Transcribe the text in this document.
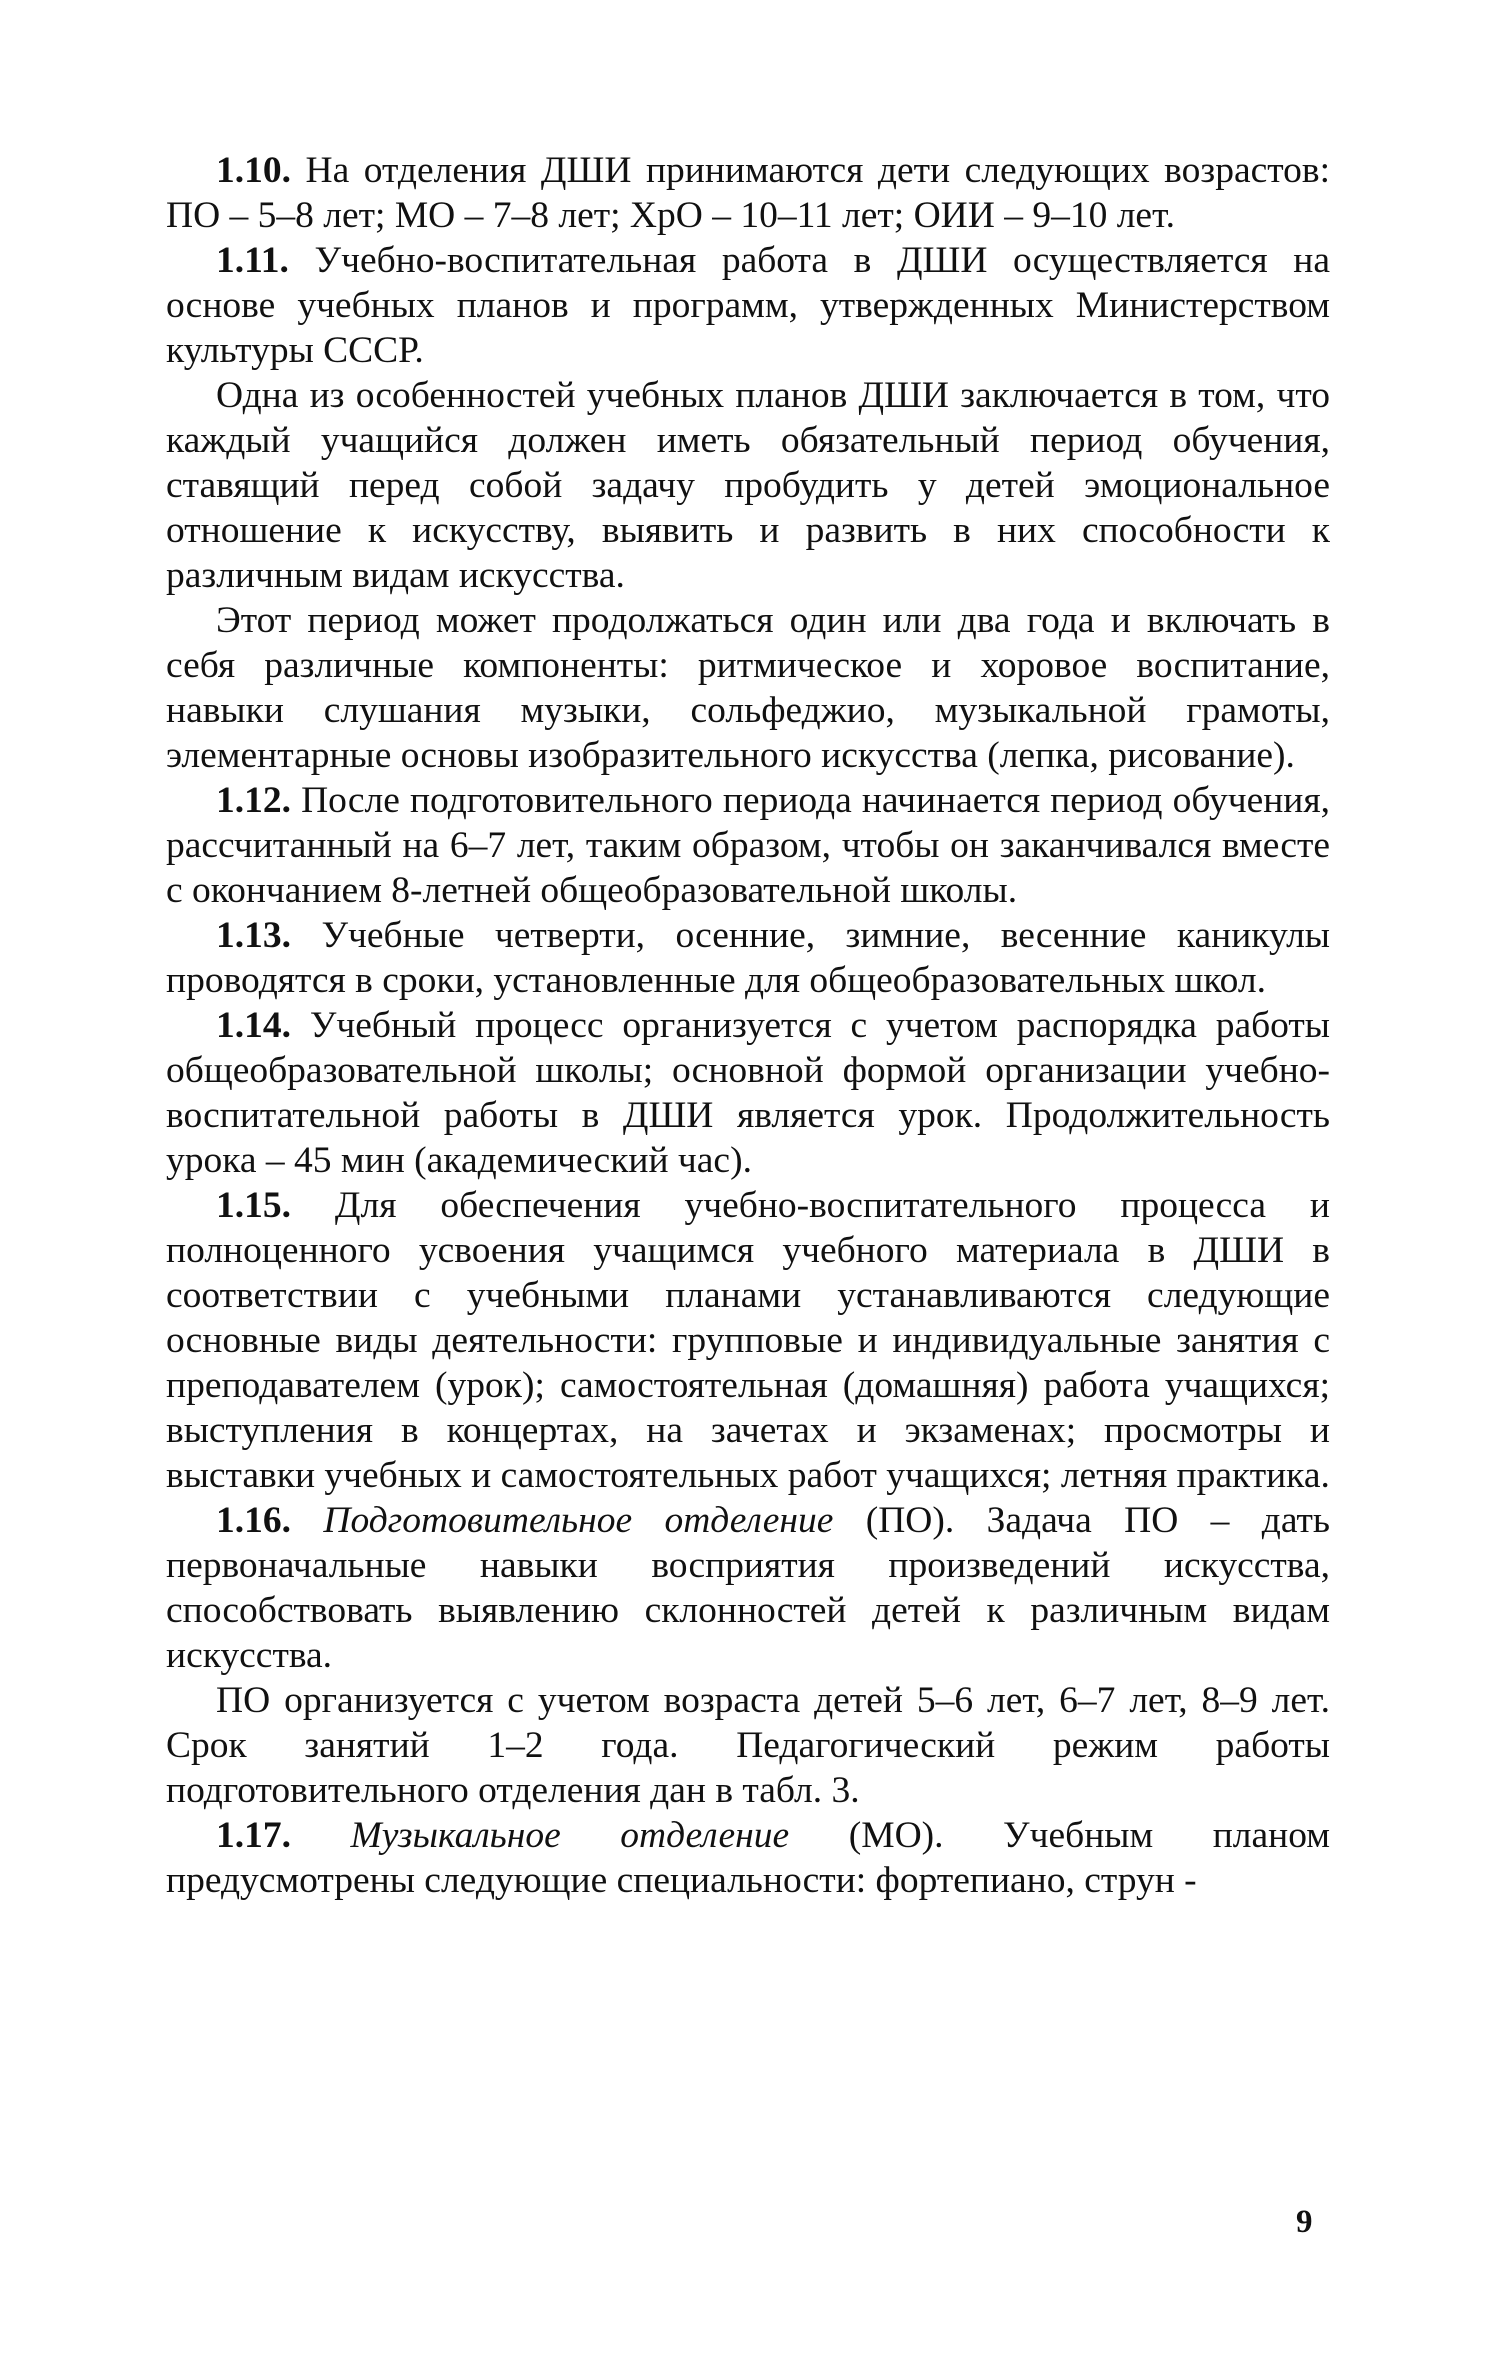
1.10. На отделения ДШИ принимаются дети следующих возрастов: ПО – 5–8 лет; МО – 7–8 лет; ХрО – 10–11 лет; ОИИ – 9–10 лет.

1.11. Учебно-воспитательная работа в ДШИ осуществляется на основе учебных планов и программ, утвержденных Министерством культуры СССР.

Одна из особенностей учебных планов ДШИ заключается в том, что каждый учащийся должен иметь обязательный период обучения, ставящий перед собой задачу пробудить у детей эмоциональное отношение к искусству, выявить и развить в них способности к различным видам искусства.

Этот период может продолжаться один или два года и включать в себя различные компоненты: ритмическое и хоровое воспитание, навыки слушания музыки, сольфеджио, музыкальной грамоты, элементарные основы изобразительного искусства (лепка, рисование).

1.12. После подготовительного периода начинается период обучения, рассчитанный на 6–7 лет, таким образом, чтобы он заканчивался вместе с окончанием 8-летней общеобразовательной школы.

1.13. Учебные четверти, осенние, зимние, весенние каникулы проводятся в сроки, установленные для общеобразовательных школ.

1.14. Учебный процесс организуется с учетом распорядка работы общеобразовательной школы; основной формой организации учебно-воспитательной работы в ДШИ является урок. Продолжительность урока – 45 мин (академический час).

1.15. Для обеспечения учебно-воспитательного процесса и полноценного усвоения учащимся учебного материала в ДШИ в соответствии с учебными планами устанавливаются следующие основные виды деятельности: групповые и индивидуальные занятия с преподавателем (урок); самостоятельная (домашняя) работа учащихся; выступления в концертах, на зачетах и экзаменах; просмотры и выставки учебных и самостоятельных работ учащихся; летняя практика.

1.16. Подготовительное отделение (ПО). Задача ПО – дать первоначальные навыки восприятия произведений искусства, способствовать выявлению склонностей детей к различным видам искусства.

ПО организуется с учетом возраста детей 5–6 лет, 6–7 лет, 8–9 лет. Срок занятий 1–2 года. Педагогический режим работы подготовительного отделения дан в табл. 3.

1.17. Музыкальное отделение (МО). Учебным планом предусмотрены следующие специальности: фортепиано, струн -

9
